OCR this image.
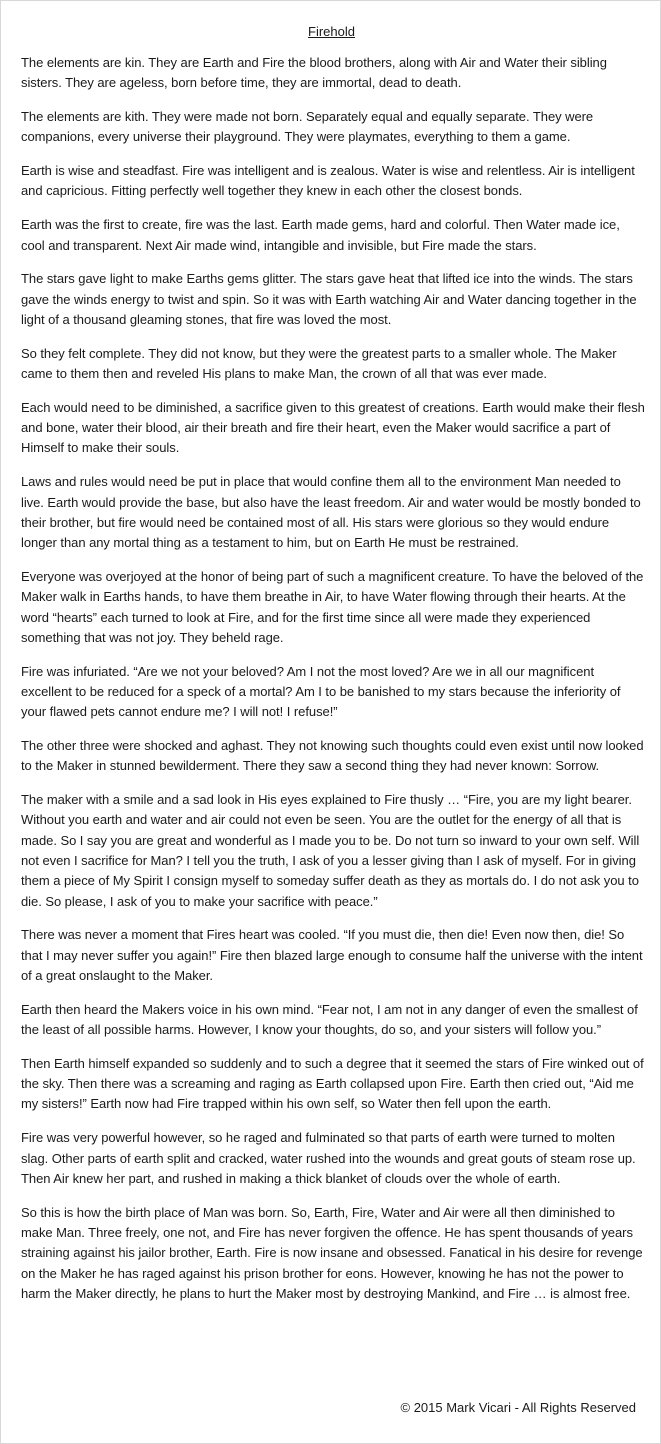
Firehold

The elements are kin. They are Earth and Fire the blood brothers, along with Air and Water their sibling sisters. They are ageless, born before time, they are immortal, dead to death.

The elements are kith. They were made not born. Separately equal and equally separate. They were companions, every universe their playground. They were playmates, everything to them a game.

Earth is wise and steadfast. Fire was intelligent and is zealous. Water is wise and relentless. Air is intelligent and capricious. Fitting perfectly well together they knew in each other the closest bonds.

Earth was the first to create, fire was the last. Earth made gems, hard and colorful. Then Water made ice, cool and transparent. Next Air made wind, intangible and invisible, but Fire made the stars.

The stars gave light to make Earths gems glitter. The stars gave heat that lifted ice into the winds. The stars gave the winds energy to twist and spin. So it was with Earth watching Air and Water dancing together in the light of a thousand gleaming stones, that fire was loved the most.

So they felt complete. They did not know, but they were the greatest parts to a smaller whole. The Maker came to them then and reveled His plans to make Man, the crown of all that was ever made.

Each would need to be diminished, a sacrifice given to this greatest of creations. Earth would make their flesh and bone, water their blood, air their breath and fire their heart, even the Maker would sacrifice a part of Himself to make their souls.

Laws and rules would need be put in place that would confine them all to the environment Man needed to live. Earth would provide the base, but also have the least freedom. Air and water would be mostly bonded to their brother, but fire would need be contained most of all. His stars were glorious so they would endure longer than any mortal thing as a testament to him, but on Earth He must be restrained.

Everyone was overjoyed at the honor of being part of such a magnificent creature. To have the beloved of the Maker walk in Earths hands, to have them breathe in Air, to have Water flowing through their hearts. At the word “hearts” each turned to look at Fire, and for the first time since all were made they experienced something that was not joy. They beheld rage.

Fire was infuriated. “Are we not your beloved? Am I not the most loved? Are we in all our magnificent excellent to be reduced for a speck of a mortal? Am I to be banished to my stars because the inferiority of your flawed pets cannot endure me? I will not! I refuse!”

The other three were shocked and aghast. They not knowing such thoughts could even exist until now looked to the Maker in stunned bewilderment. There they saw a second thing they had never known: Sorrow.

The maker with a smile and a sad look in His eyes explained to Fire thusly … “Fire, you are my light bearer. Without you earth and water and air could not even be seen. You are the outlet for the energy of all that is made. So I say you are great and wonderful as I made you to be. Do not turn so inward to your own self. Will not even I sacrifice for Man? I tell you the truth, I ask of you a lesser giving than I ask of myself. For in giving them a piece of My Spirit I consign myself to someday suffer death as they as mortals do. I do not ask you to die. So please, I ask of you to make your sacrifice with peace.”

There was never a moment that Fires heart was cooled. “If you must die, then die! Even now then, die! So that I may never suffer you again!” Fire then blazed large enough to consume half the universe with the intent of a great onslaught to the Maker.

Earth then heard the Makers voice in his own mind. “Fear not, I am not in any danger of even the smallest of the least of all possible harms. However, I know your thoughts, do so, and your sisters will follow you.”

Then Earth himself expanded so suddenly and to such a degree that it seemed the stars of Fire winked out of the sky. Then there was a screaming and raging as Earth collapsed upon Fire. Earth then cried out, “Aid me my sisters!” Earth now had Fire trapped within his own self, so Water then fell upon the earth.

Fire was very powerful however, so he raged and fulminated so that parts of earth were turned to molten slag. Other parts of earth split and cracked, water rushed into the wounds and great gouts of steam rose up. Then Air knew her part, and rushed in making a thick blanket of clouds over the whole of earth.

So this is how the birth place of Man was born. So, Earth, Fire, Water and Air were all then diminished to make Man. Three freely, one not, and Fire has never forgiven the offence. He has spent thousands of years straining against his jailor brother, Earth. Fire is now insane and obsessed. Fanatical in his desire for revenge on the Maker he has raged against his prison brother for eons. However, knowing he has not the power to harm the Maker directly, he plans to hurt the Maker most by destroying Mankind, and Fire … is almost free.

© 2015 Mark Vicari - All Rights Reserved
